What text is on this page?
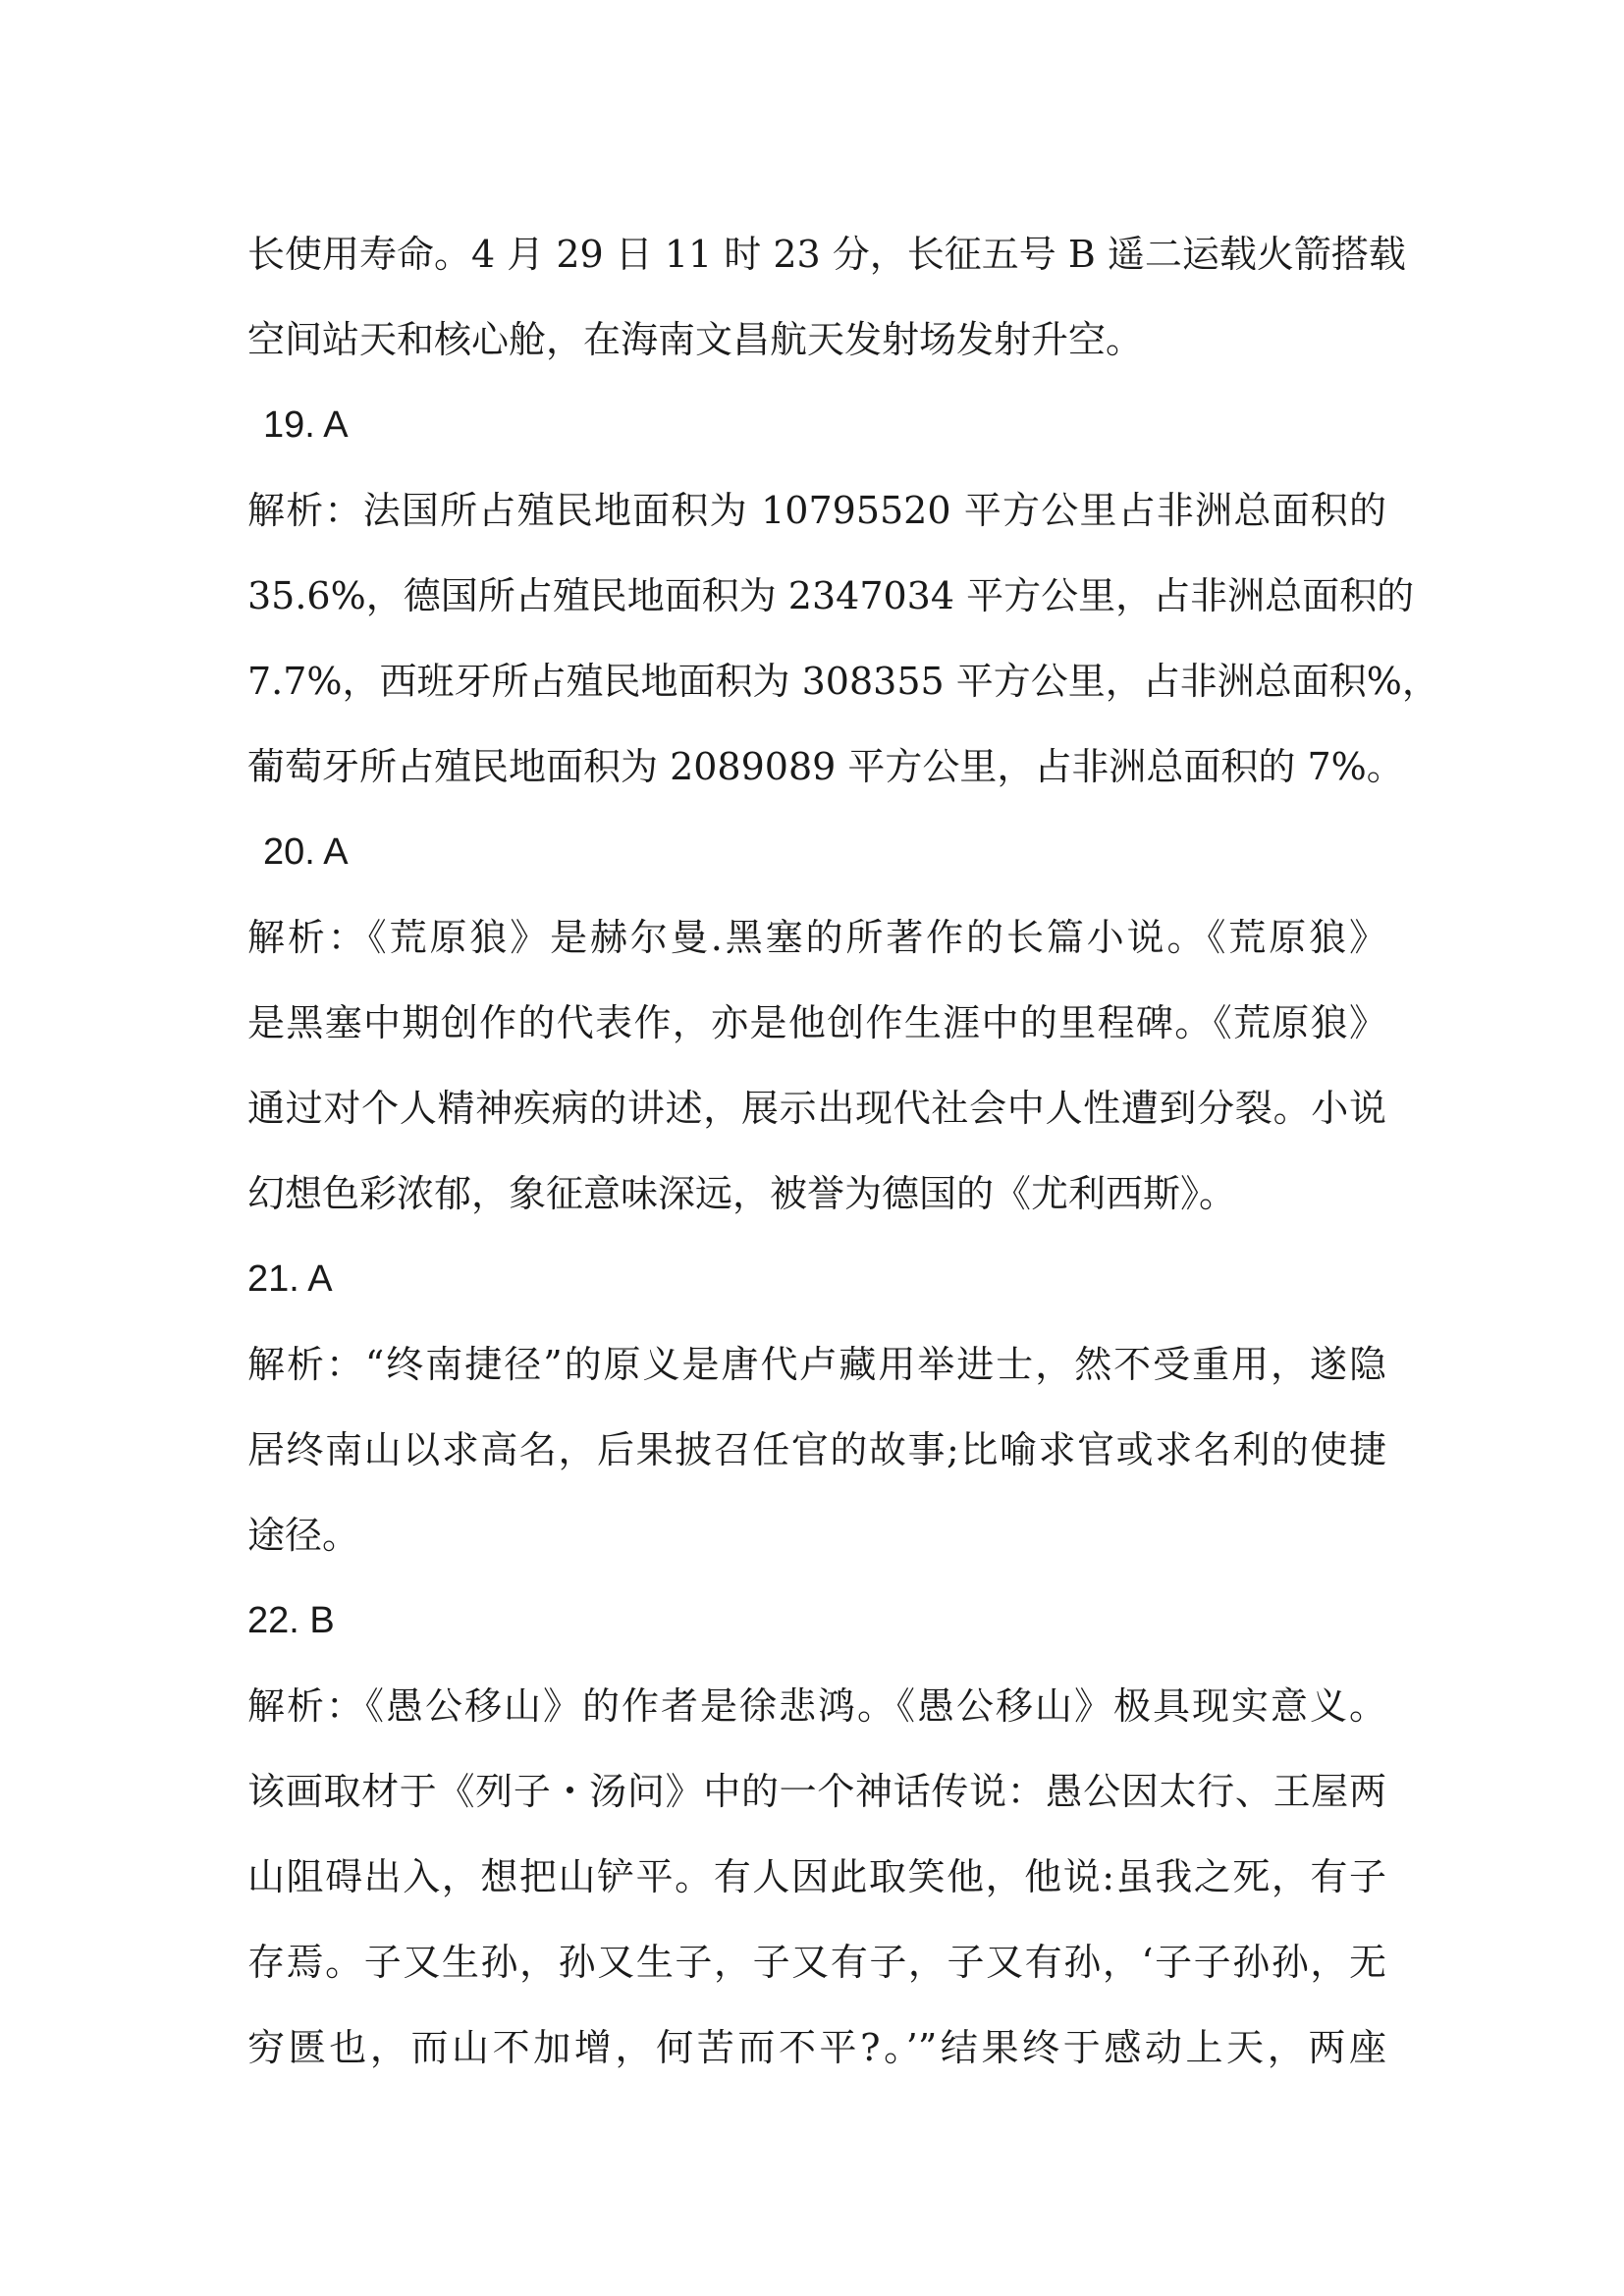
长使用寿命。4 月 29 日 11 时 23 分，长征五号 B 遥二运载火箭搭载
空间站天和核心舱，在海南文昌航天发射场发射升空。
19. A
解析：法国所占殖民地面积为 10795520 平方公里占非洲总面积的
35.6%，德国所占殖民地面积为 2347034 平方公里，占非洲总面积的
7.7%，西班牙所占殖民地面积为 308355 平方公里，占非洲总面积%，
葡萄牙所占殖民地面积为 2089089 平方公里，占非洲总面积的 7%。
20. A
解析：《荒原狼》是赫尔曼.黑塞的所著作的长篇小说。《荒原狼》
是黑塞中期创作的代表作，亦是他创作生涯中的里程碑。《荒原狼》
通过对个人精神疾病的讲述，展示出现代社会中人性遭到分裂。小说
幻想色彩浓郁，象征意味深远，被誉为德国的《尤利西斯》。
21. A
解析：“终南捷径”的原义是唐代卢藏用举进士，然不受重用，遂隐
居终南山以求高名，后果披召任官的故事;比喻求官或求名利的使捷
途径。
22. B
解析：《愚公移山》的作者是徐悲鸿。《愚公移山》极具现实意义。
该画取材于《列子・汤问》中的一个神话传说：愚公因太行、王屋两
山阻碍出入，想把山铲平。有人因此取笑他，他说:虽我之死，有子
存焉。子又生孙，孙又生子，子又有子，子又有孙，‘子子孙孙，无
穷匮也，而山不加增，何苦而不平?。’”结果终于感动上天，两座
